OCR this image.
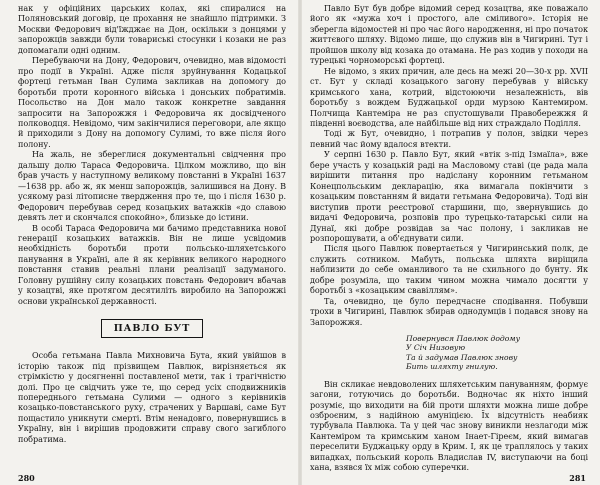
нак у офіційних царських колах, які спиралися на Поляновський договір, це прохання не знайшло підтримки. З Москви Федорович від'їжджає на Дон, оскільки з донцями у запорожців завжди були товариські стосунки і козаки не раз допомагали одні одним.

Перебуваючи на Дону, Федорович, очевидно, мав відомості про події в Україні. Адже після зруйнування Кодацької фортеці гетьман Іван Сулима закликав на допомогу до боротьби проти коронного війська і донських побратимів. Посольство на Дон мало також конкретне завдання запросити на Запорожжя і Федоровича як досвідченого полководця. Невідомо, чим закінчилися переговори, але якщо й приходили з Дону на допомогу Сулимі, то вже після його полону.

На жаль, не збереглися документальні свідчення про дальшу долю Тараса Федоровича. Цілком можливо, що він брав участь у наступному великому повстанні в Україні 1637—1638 рр. або ж, як менш запорожців, залишився на Дону. В усякому разі літописне твердження про те, що і після 1630 р. Федорович перебував серед козацьких ватажків «до славою девять лет и скончался спокойно», близьке до істини.

В особі Тараса Федоровича ми бачимо представника нової генерації козацьких ватажків. Він не лише усвідомив необхідність боротьби проти польсько-шляхетського панування в Україні, але й як керівник великого народного повстання ставив реальні плани реалізації задуманого. Головну рушійну силу козацьких повстань Федорович вбачав у козацтві, яке протягом десятиліть виробило на Запорожжі основи української державності.

ПАВЛО БУТ

Особа гетьмана Павла Михновича Бута, який увійшов в історію також під прізвищем Павлюк, вирізняється як стрімкістю у досягненні поставленої мети, так і трагічністю долі. Про це свідчить уже те, що серед усіх сподвижників попереднього гетьмана Сулими — одного з керівників козацько-повстанського руху, страчених у Варшаві, саме Бут пощастило уникнути смерті. Втім ненадовго, повернувшись в Україну, він і вирішив продовжити справу свого загиблого побратима.

280

Павло Бут був добре відомий серед козацтва, яке поважало його як «мужа хоч і простого, але сміливого». Історія не зберегла відомостей ні про час його народження, ні про початок життєвого шляху. Відомо лише, що служив він в Чигирині. Тут і пройшов школу від козака до отамана. Не раз ходив у походи на турецькі чорноморські фортеці.

Не відомо, з яких причин, але десь на межі 20—30-х рр. XVII ст. Бут у складі козацького загону перебував у війську кримського хана, котрий, відстоюючи незалежність, вів боротьбу з вождем Буджацької орди мурзою Кантемиром. Полчища Кантеміра не раз спустошували Правобережжя й південні воєводства, але найбільше від них страждало Поділля.

Тоді ж Бут, очевидно, і потрапив у полон, звідки через певний час йому вдалося втекти.

У серпні 1630 р. Павло Бут, який «втік з-під Ізмаїла», вже бере участь у козацькій раді на Масловому ставі (це рада мала вирішити питання про надіслану коронним гетьманом Конецпольським декларацію, яка вимагала покінчити з козацьким повстанням й видати гетьмана Федоровича). Тоді він виступив проти реєстрової старшини, що, звернувшись до видачі Федоровича, розповів про турецько-татарські сили на Дунаї, які добре розвідав за час полону, і закликав не розпорошувати, а об'єднувати сили.

Після цього Павлюк повертається у Чигиринський полк, де служить сотником. Мабуть, польська шляхта виріщила наблизити до себе оманливого та не схильного до бунту. Як добре розуміла, що таким чином можна чимало досягти у боротьбі з «козацьким свавіллям».

Та, очевидно, це було передчасне сподівання. Побувши трохи в Чигирині, Павлюк збирав однодумців і подався знову на Запорожжя.

Повернувся Павлюк додому
У Січ Низовую
Та й задумав Павлюк знову
Бить шляхту гнилую.

Він скликає невдоволених шляхетським пануванням, формує загони, готуючись до боротьби. Водночас як ніхто інший розуміє, що виходити на бій проти шляхти можна лише добре озброєним, з надійною амуніцією. Їх відсутність неабияк турбувала Павлюка. Та у цей час знову виникли незлагоди між Кантеміром та кримським ханом Інает-Гіреєм, який вимагав переселити Буджацьку орду в Крим. І, як це траплялось у таких випадках, польський король Владислав IV, виступаючи на боці хана, взявся їх між собою суперечки.

281
